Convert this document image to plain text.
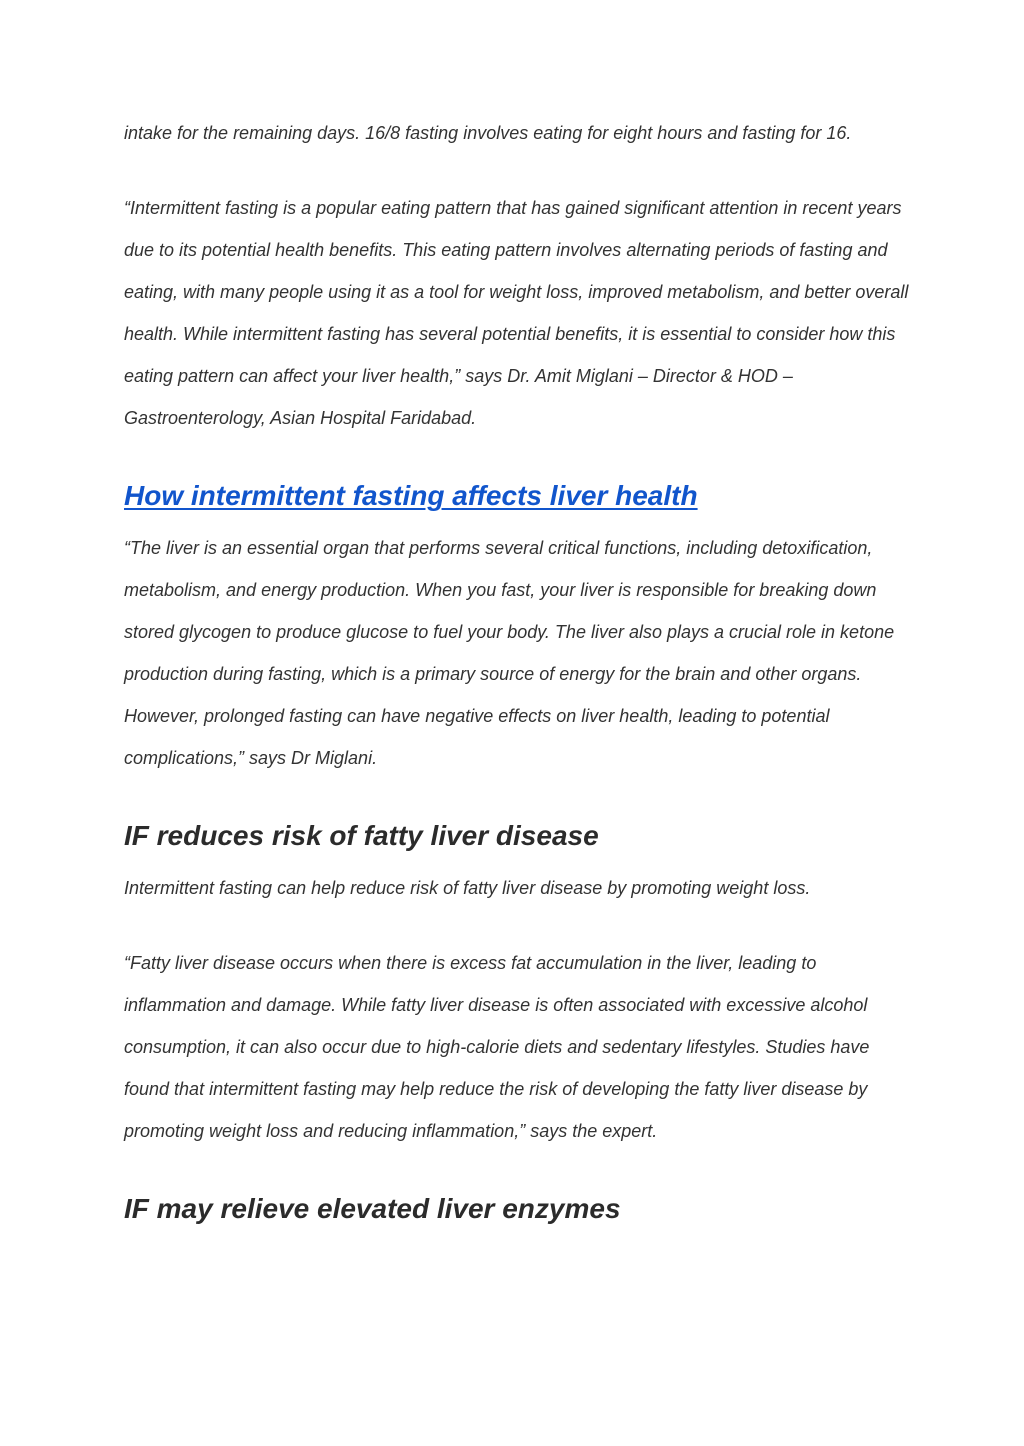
intake for the remaining days. 16/8 fasting involves eating for eight hours and fasting for 16.

“Intermittent fasting is a popular eating pattern that has gained significant attention in recent years due to its potential health benefits. This eating pattern involves alternating periods of fasting and eating, with many people using it as a tool for weight loss, improved metabolism, and better overall health. While intermittent fasting has several potential benefits, it is essential to consider how this eating pattern can affect your liver health,” says Dr. Amit Miglani – Director & HOD – Gastroenterology, Asian Hospital Faridabad.

How intermittent fasting affects liver health

“The liver is an essential organ that performs several critical functions, including detoxification, metabolism, and energy production. When you fast, your liver is responsible for breaking down stored glycogen to produce glucose to fuel your body. The liver also plays a crucial role in ketone production during fasting, which is a primary source of energy for the brain and other organs. However, prolonged fasting can have negative effects on liver health, leading to potential complications,” says Dr Miglani.

IF reduces risk of fatty liver disease

Intermittent fasting can help reduce risk of fatty liver disease by promoting weight loss.

“Fatty liver disease occurs when there is excess fat accumulation in the liver, leading to inflammation and damage. While fatty liver disease is often associated with excessive alcohol consumption, it can also occur due to high-calorie diets and sedentary lifestyles. Studies have found that intermittent fasting may help reduce the risk of developing the fatty liver disease by promoting weight loss and reducing inflammation,” says the expert.

IF may relieve elevated liver enzymes
